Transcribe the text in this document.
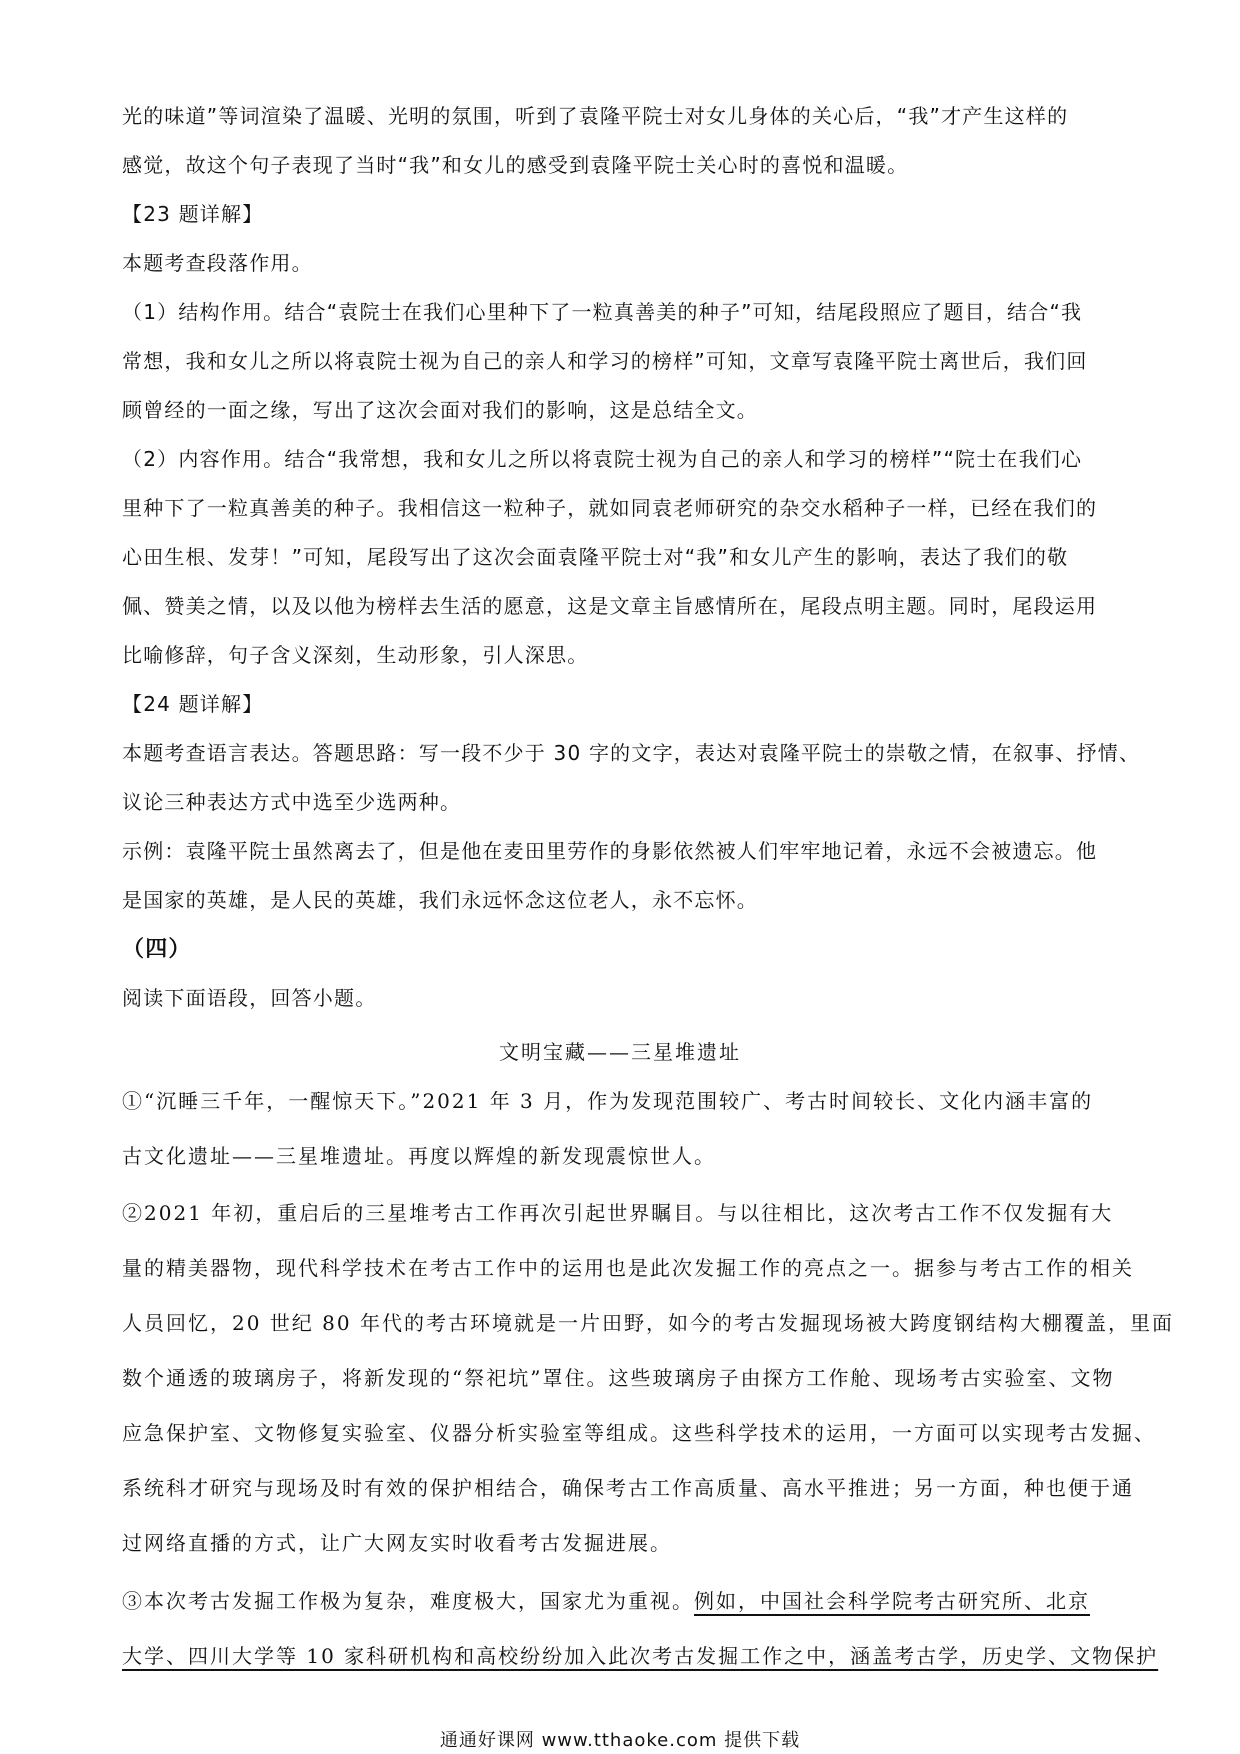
光的味道”等词渲染了温暖、光明的氛围，听到了袁隆平院士对女儿身体的关心后，“我”才产生这样的
感觉，故这个句子表现了当时“我”和女儿的感受到袁隆平院士关心时的喜悦和温暖。
【23 题详解】
本题考查段落作用。
（1）结构作用。结合“袁院士在我们心里种下了一粒真善美的种子”可知，结尾段照应了题目，结合“我
常想，我和女儿之所以将袁院士视为自己的亲人和学习的榜样”可知，文章写袁隆平院士离世后，我们回
顾曾经的一面之缘，写出了这次会面对我们的影响，这是总结全文。
（2）内容作用。结合“我常想，我和女儿之所以将袁院士视为自己的亲人和学习的榜样”“院士在我们心
里种下了一粒真善美的种子。我相信这一粒种子，就如同袁老师研究的杂交水稻种子一样，已经在我们的
心田生根、发芽！”可知，尾段写出了这次会面袁隆平院士对“我”和女儿产生的影响，表达了我们的敬
佩、赞美之情，以及以他为榜样去生活的愿意，这是文章主旨感情所在，尾段点明主题。同时，尾段运用
比喻修辞，句子含义深刻，生动形象，引人深思。
【24 题详解】
本题考查语言表达。答题思路：写一段不少于 30 字的文字，表达对袁隆平院士的崇敬之情，在叙事、抒情、
议论三种表达方式中选至少选两种。
示例：袁隆平院士虽然离去了，但是他在麦田里劳作的身影依然被人们牢牢地记着，永远不会被遗忘。他
是国家的英雄，是人民的英雄，我们永远怀念这位老人，永不忘怀。
（四）
阅读下面语段，回答小题。
文明宝藏——三星堆遗址
①“沉睡三千年，一醒惊天下。”2021 年 3 月，作为发现范围较广、考古时间较长、文化内涵丰富的
古文化遗址——三星堆遗址。再度以辉煌的新发现震惊世人。
②2021 年初，重启后的三星堆考古工作再次引起世界瞩目。与以往相比，这次考古工作不仅发掘有大
量的精美器物，现代科学技术在考古工作中的运用也是此次发掘工作的亮点之一。据参与考古工作的相关
人员回忆，20 世纪 80 年代的考古环境就是一片田野，如今的考古发掘现场被大跨度钢结构大棚覆盖，里面
数个通透的玻璃房子，将新发现的“祭祀坑”罩住。这些玻璃房子由探方工作舱、现场考古实验室、文物
应急保护室、文物修复实验室、仪器分析实验室等组成。这些科学技术的运用，一方面可以实现考古发掘、
系统科才研究与现场及时有效的保护相结合，确保考古工作高质量、高水平推进；另一方面，种也便于通
过网络直播的方式，让广大网友实时收看考古发掘进展。
③本次考古发掘工作极为复杂，难度极大，国家尤为重视。例如，中国社会科学院考古研究所、北京
大学、四川大学等 10 家科研机构和高校纷纷加入此次考古发掘工作之中，涵盖考古学，历史学、文物保护
通通好课网 www.tthaoke.com 提供下载
